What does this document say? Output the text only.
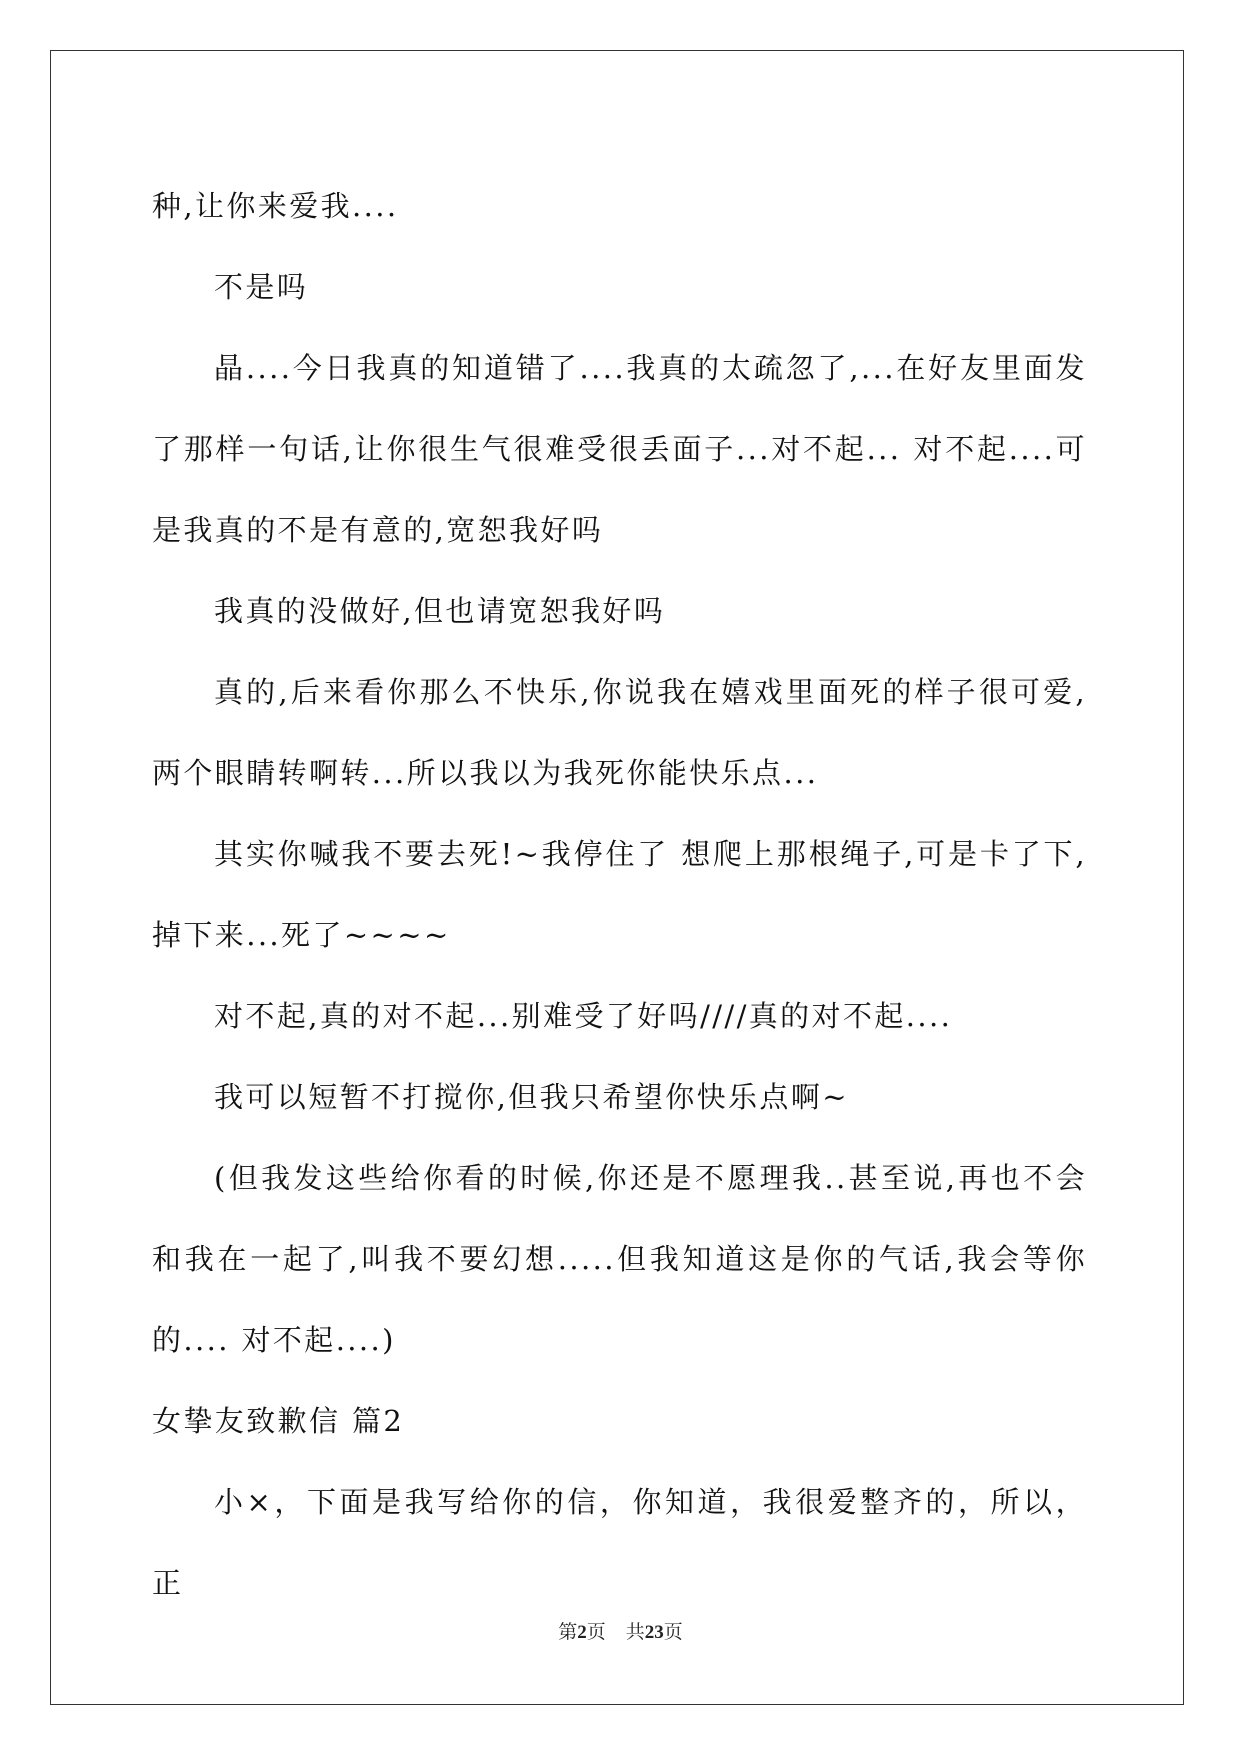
种,让你来爱我....

不是吗

晶....今日我真的知道错了....我真的太疏忽了,...在好友里面发了那样一句话,让你很生气很难受很丢面子...对不起... 对不起....可是我真的不是有意的,宽恕我好吗

我真的没做好,但也请宽恕我好吗

真的,后来看你那么不快乐,你说我在嬉戏里面死的样子很可爱,两个眼睛转啊转...所以我以为我死你能快乐点...

其实你喊我不要去死!~我停住了 想爬上那根绳子,可是卡了下,掉下来...死了~~~~

对不起,真的对不起...别难受了好吗////真的对不起....

我可以短暂不打搅你,但我只希望你快乐点啊~

(但我发这些给你看的时候,你还是不愿理我..甚至说,再也不会和我在一起了,叫我不要幻想.....但我知道这是你的气话,我会等你的.... 对不起....)

女挚友致歉信 篇2

小×，下面是我写给你的信，你知道，我很爱整齐的，所以，正

第2页 共23页
